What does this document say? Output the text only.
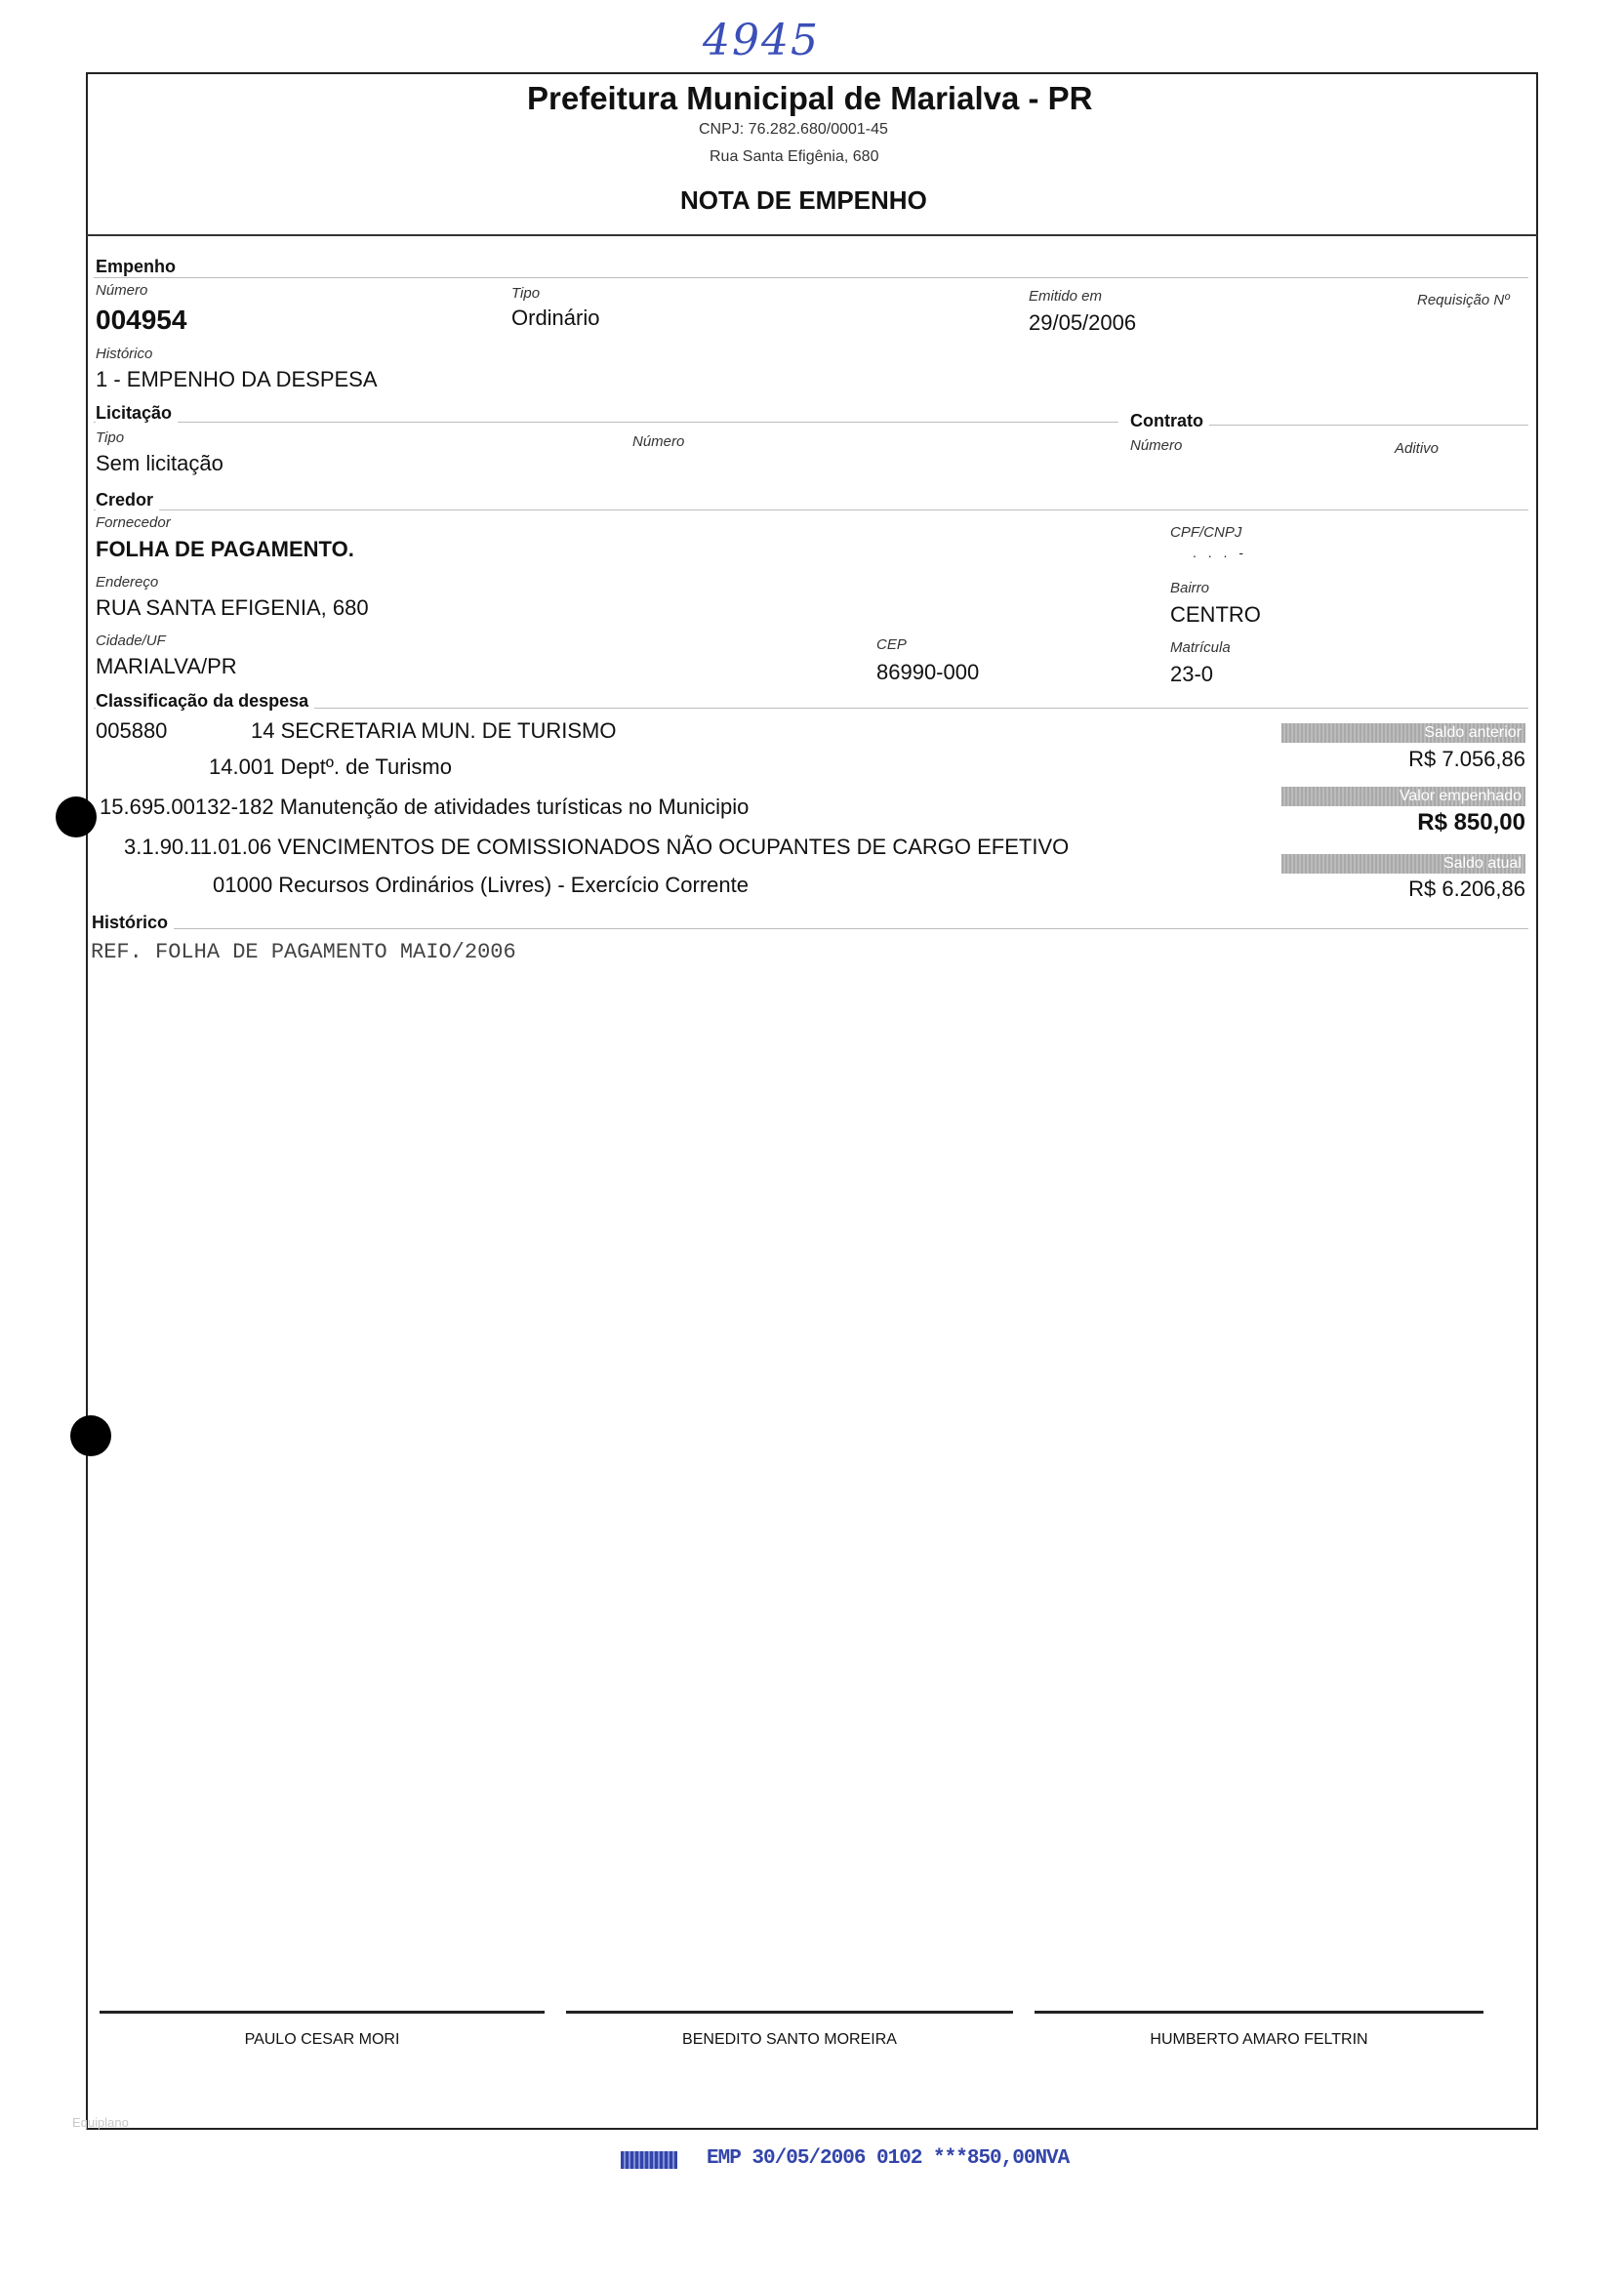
4945
Prefeitura Municipal de Marialva - PR
CNPJ: 76.282.680/0001-45
Rua Santa Efigênia, 680
NOTA DE EMPENHO
Empenho
Número
004954
Tipo
Ordinário
Emitido em
29/05/2006
Requisição Nº
Histórico
1 - EMPENHO DA DESPESA
Licitação
Tipo
Sem licitação
Número
Contrato
Número	Aditivo
Credor
Fornecedor
FOLHA DE PAGAMENTO.
CPF/CNPJ
. . . -
Endereço
RUA SANTA EFIGENIA, 680
Bairro
CENTRO
Cidade/UF
MARIALVA/PR
CEP
86990-000
Matrícula
23-0
Classificação da despesa
005880	14 SECRETARIA MUN. DE TURISMO
14.001 Deptº. de Turismo
15.695.00132-182 Manutenção de atividades turísticas no Municipio
3.1.90.11.01.06 VENCIMENTOS DE COMISSIONADOS NÃO OCUPANTES DE CARGO EFETIVO
01000 Recursos Ordinários (Livres) - Exercício Corrente
Saldo anterior
R$ 7.056,86
Valor empenhado
R$ 850,00
Saldo atual
R$ 6.206,86
Histórico
REF. FOLHA DE PAGAMENTO MAIO/2006
PAULO CESAR MORI	BENEDITO SANTO MOREIRA	HUMBERTO AMARO FELTRIN
Equiplano
EMP 30/05/2006 0102 ***850,00NVA
